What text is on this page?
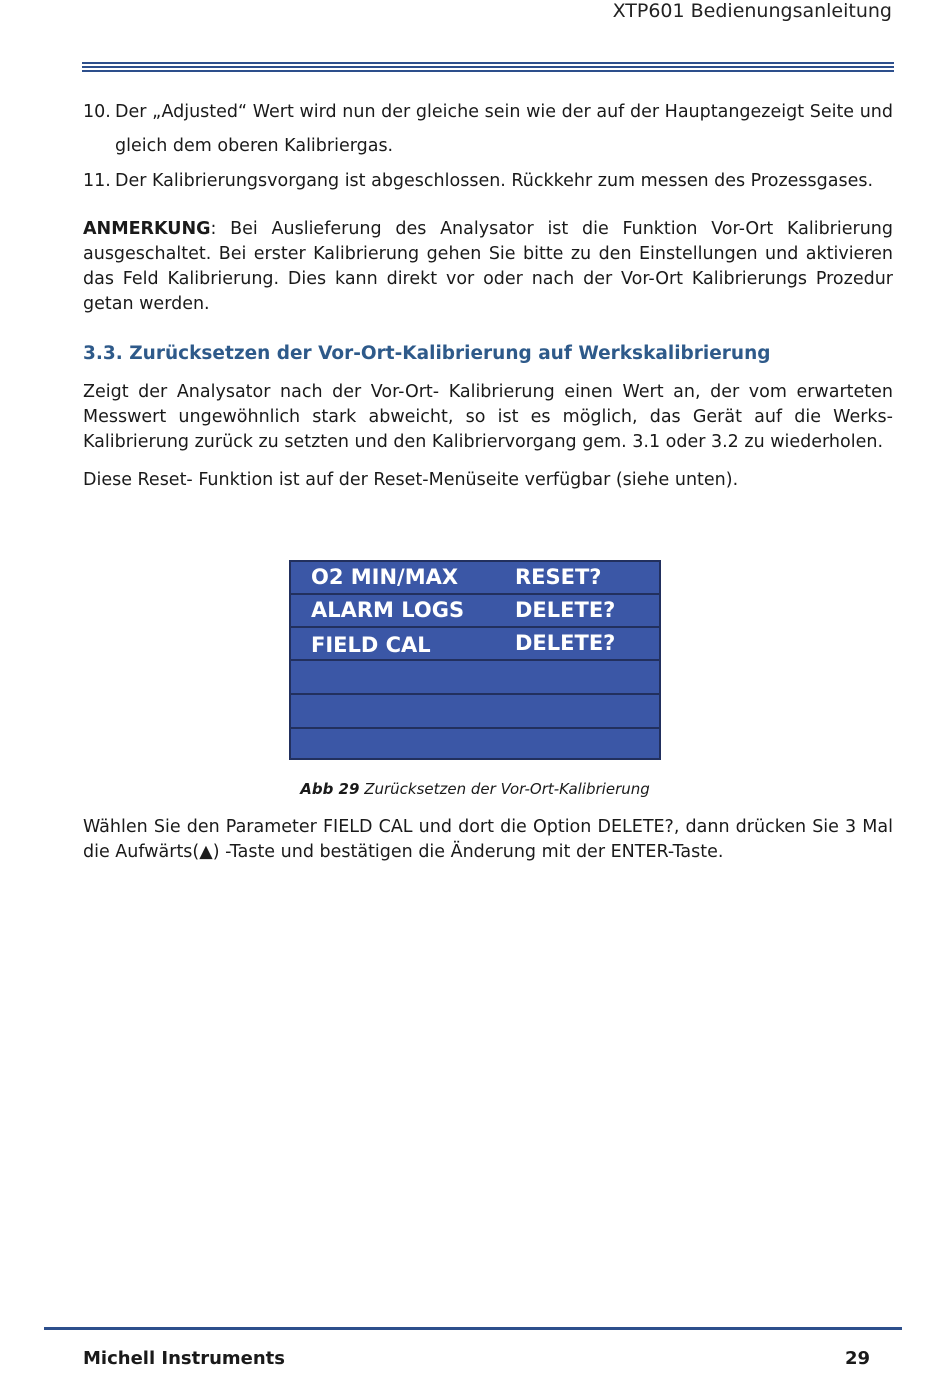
XTP601 Bedienungsanleitung
10. Der „Adjusted“ Wert wird nun der gleiche sein wie der auf der Hauptangezeigt Seite und
gleich dem oberen Kalibriergas.
11. Der Kalibrierungsvorgang ist abgeschlossen. Rückkehr zum messen des Prozessgases.
ANMERKUNG: Bei Auslieferung des Analysator ist die Funktion Vor-Ort Kalibrierung ausgeschaltet. Bei erster Kalibrierung gehen Sie bitte zu den Einstellungen und aktivieren das Feld Kalibrierung. Dies kann direkt vor oder nach der Vor-Ort Kalibrierungs Prozedur getan werden.
3.3. Zurücksetzen der Vor-Ort-Kalibrierung auf Werkskalibrierung
Zeigt der Analysator nach der Vor-Ort- Kalibrierung einen Wert an, der vom erwarteten Messwert ungewöhnlich stark abweicht, so ist es möglich, das Gerät auf die Werks-Kalibrierung zurück zu setzten und den Kalibriervorgang gem. 3.1 oder 3.2 zu wiederholen.
Diese Reset- Funktion ist auf der Reset-Menüseite verfügbar (siehe unten).
O2 MIN/MAX	RESET?
ALARM LOGS DELETE?
FIELD CAL	DELETE?
Abb 29 Zurücksetzen der Vor-Ort-Kalibrierung
Wählen Sie den Parameter FIELD CAL und dort die Option DELETE?, dann drücken Sie 3 Mal die Aufwärts(▲) -Taste und bestätigen die Änderung mit der ENTER-Taste.
Michell Instruments	29
